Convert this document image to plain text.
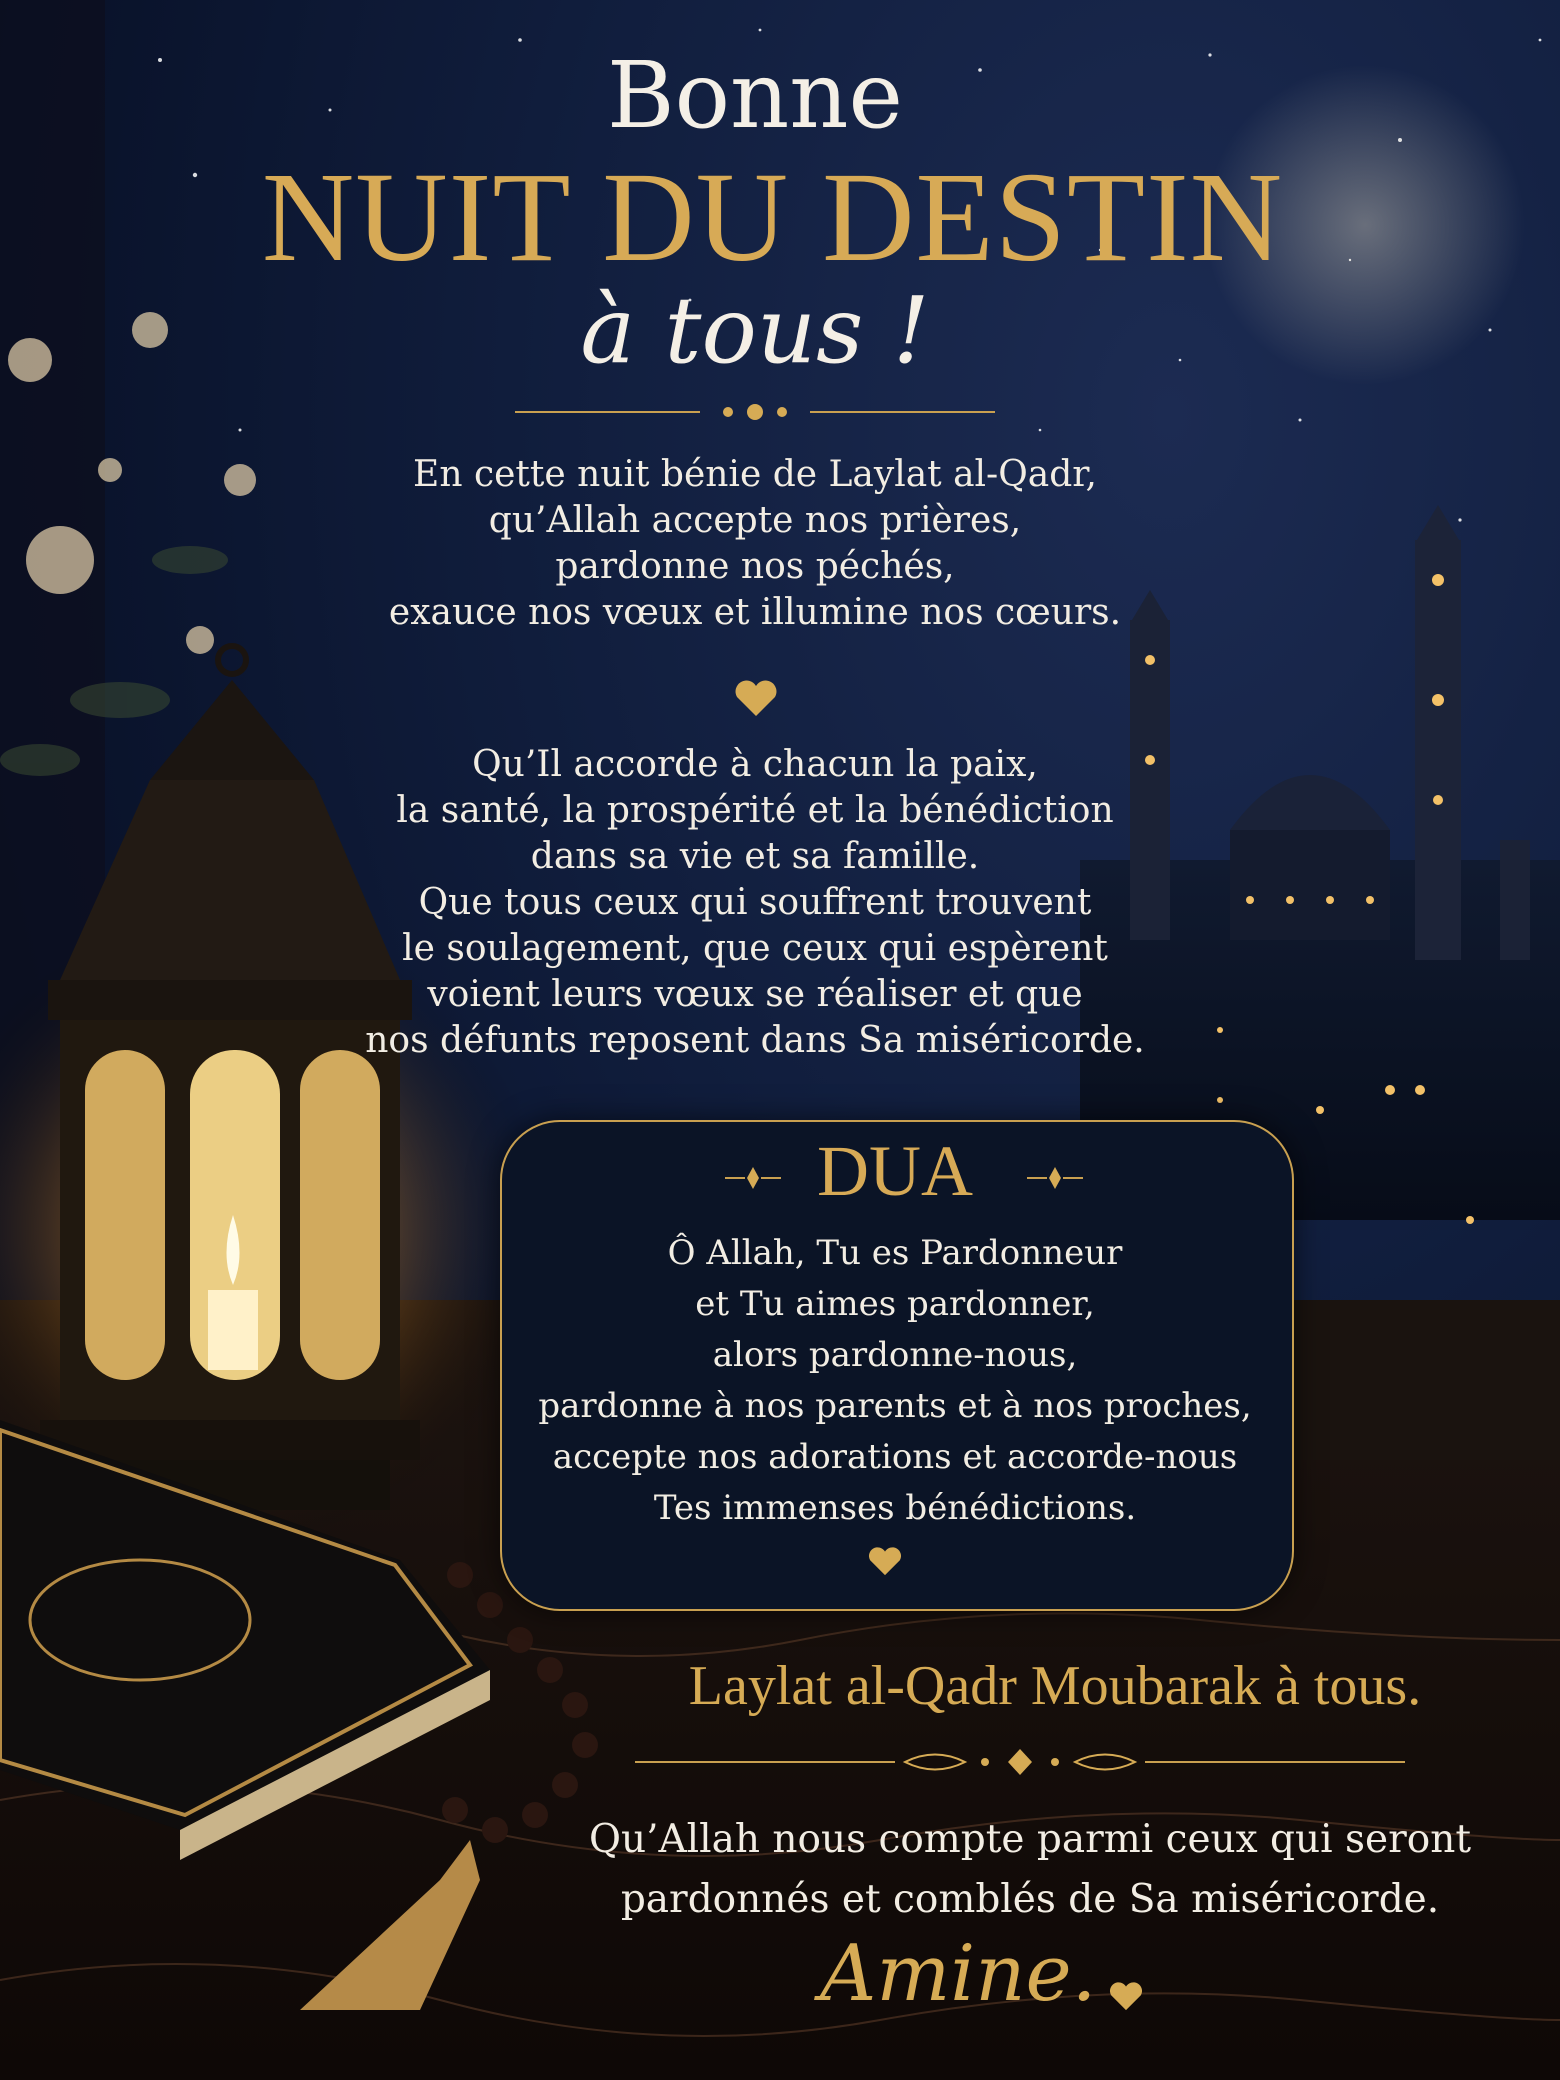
Bonne
NUIT DU DESTIN
à tous !
En cette nuit bénie de Laylat al-Qadr,
qu’Allah accepte nos prières,
pardonne nos péchés,
exauce nos vœux et illumine nos cœurs.
Qu’Il accorde à chacun la paix,
la santé, la prospérité et la bénédiction
dans sa vie et sa famille.
Que tous ceux qui souffrent trouvent
le soulagement, que ceux qui espèrent
voient leurs vœux se réaliser et que
nos défunts reposent dans Sa miséricorde.
DUA
Ô Allah, Tu es Pardonneur
et Tu aimes pardonner,
alors pardonne-nous,
pardonne à nos parents et à nos proches,
accepte nos adorations et accorde-nous
Tes immenses bénédictions.
Laylat al-Qadr Moubarak à tous.
Qu’Allah nous compte parmi ceux qui seront
pardonnés et comblés de Sa miséricorde.
Amine.
